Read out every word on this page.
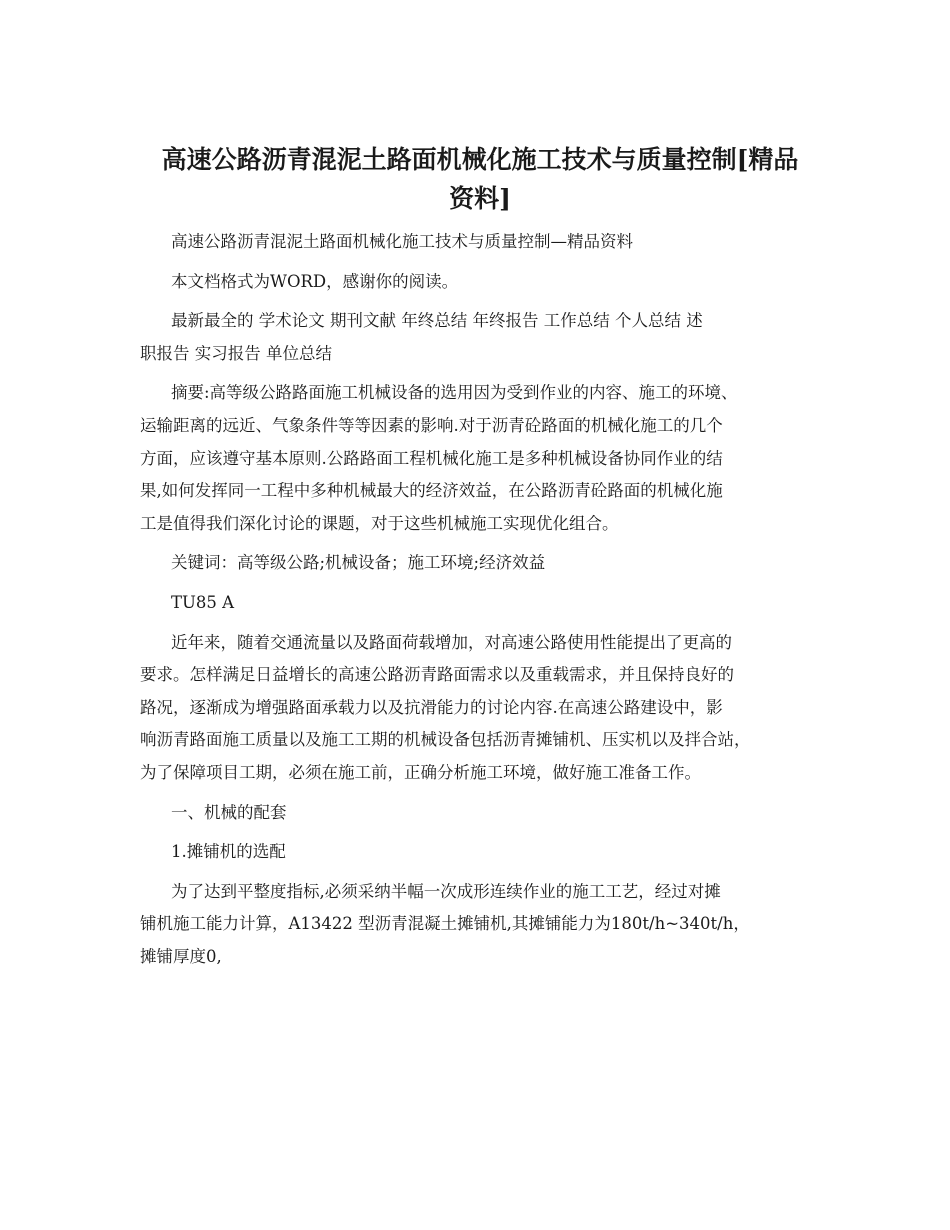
高速公路沥青混泥土路面机械化施工技术与质量控制[精品
资料]

高速公路沥青混泥土路面机械化施工技术与质量控制—精品资料

本文档格式为WORD，感谢你的阅读。

最新最全的 学术论文 期刊文献 年终总结 年终报告 工作总结 个人总结 述
职报告 实习报告 单位总结

摘要:高等级公路路面施工机械设备的选用因为受到作业的内容、施工的环境、
运输距离的远近、气象条件等等因素的影响.对于沥青砼路面的机械化施工的几个
方面，应该遵守基本原则.公路路面工程机械化施工是多种机械设备协同作业的结
果,如何发挥同一工程中多种机械最大的经济效益，在公路沥青砼路面的机械化施
工是值得我们深化讨论的课题，对于这些机械施工实现优化组合。

关键词：高等级公路;机械设备；施工环境;经济效益

TU85 A

近年来，随着交通流量以及路面荷载增加，对高速公路使用性能提出了更高的
要求。怎样满足日益增长的高速公路沥青路面需求以及重载需求，并且保持良好的
路况，逐渐成为增强路面承载力以及抗滑能力的讨论内容.在高速公路建设中，影
响沥青路面施工质量以及施工工期的机械设备包括沥青摊铺机、压实机以及拌合站，
为了保障项目工期，必须在施工前，正确分析施工环境，做好施工准备工作。

一、机械的配套

1.摊铺机的选配

为了达到平整度指标,必须采纳半幅一次成形连续作业的施工工艺，经过对摊
铺机施工能力计算，A13422 型沥青混凝土摊铺机,其摊铺能力为180t/h~340t/h，
摊铺厚度0,
